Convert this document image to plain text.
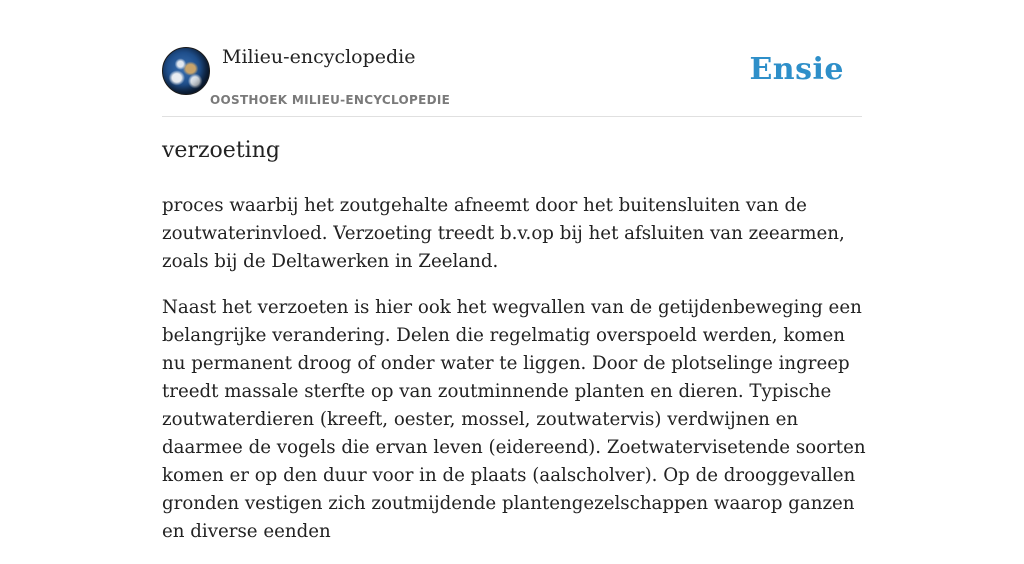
Milieu-encyclopedie
OOSTHOEK MILIEU-ENCYCLOPEDIE
Ensie
verzoeting

proces waarbij het zoutgehalte afneemt door het buitensluiten van de zoutwaterinvloed. Verzoeting treedt b.v.op bij het afsluiten van zeearmen, zoals bij de Deltawerken in Zeeland.

Naast het verzoeten is hier ook het wegvallen van de getijdenbeweging een belangrijke verandering. Delen die regelmatig overspoeld werden, komen nu permanent droog of onder water te liggen. Door de plotselinge ingreep treedt massale sterfte op van zoutminnende planten en dieren. Typische zoutwaterdieren (kreeft, oester, mossel, zoutwatervis) verdwijnen en daarmee de vogels die ervan leven (eidereend). Zoetwatervisetende soorten komen er op den duur voor in de plaats (aalscholver). Op de drooggevallen gronden vestigen zich zoutmijdende plantengezelschappen waarop ganzen en diverse eenden
